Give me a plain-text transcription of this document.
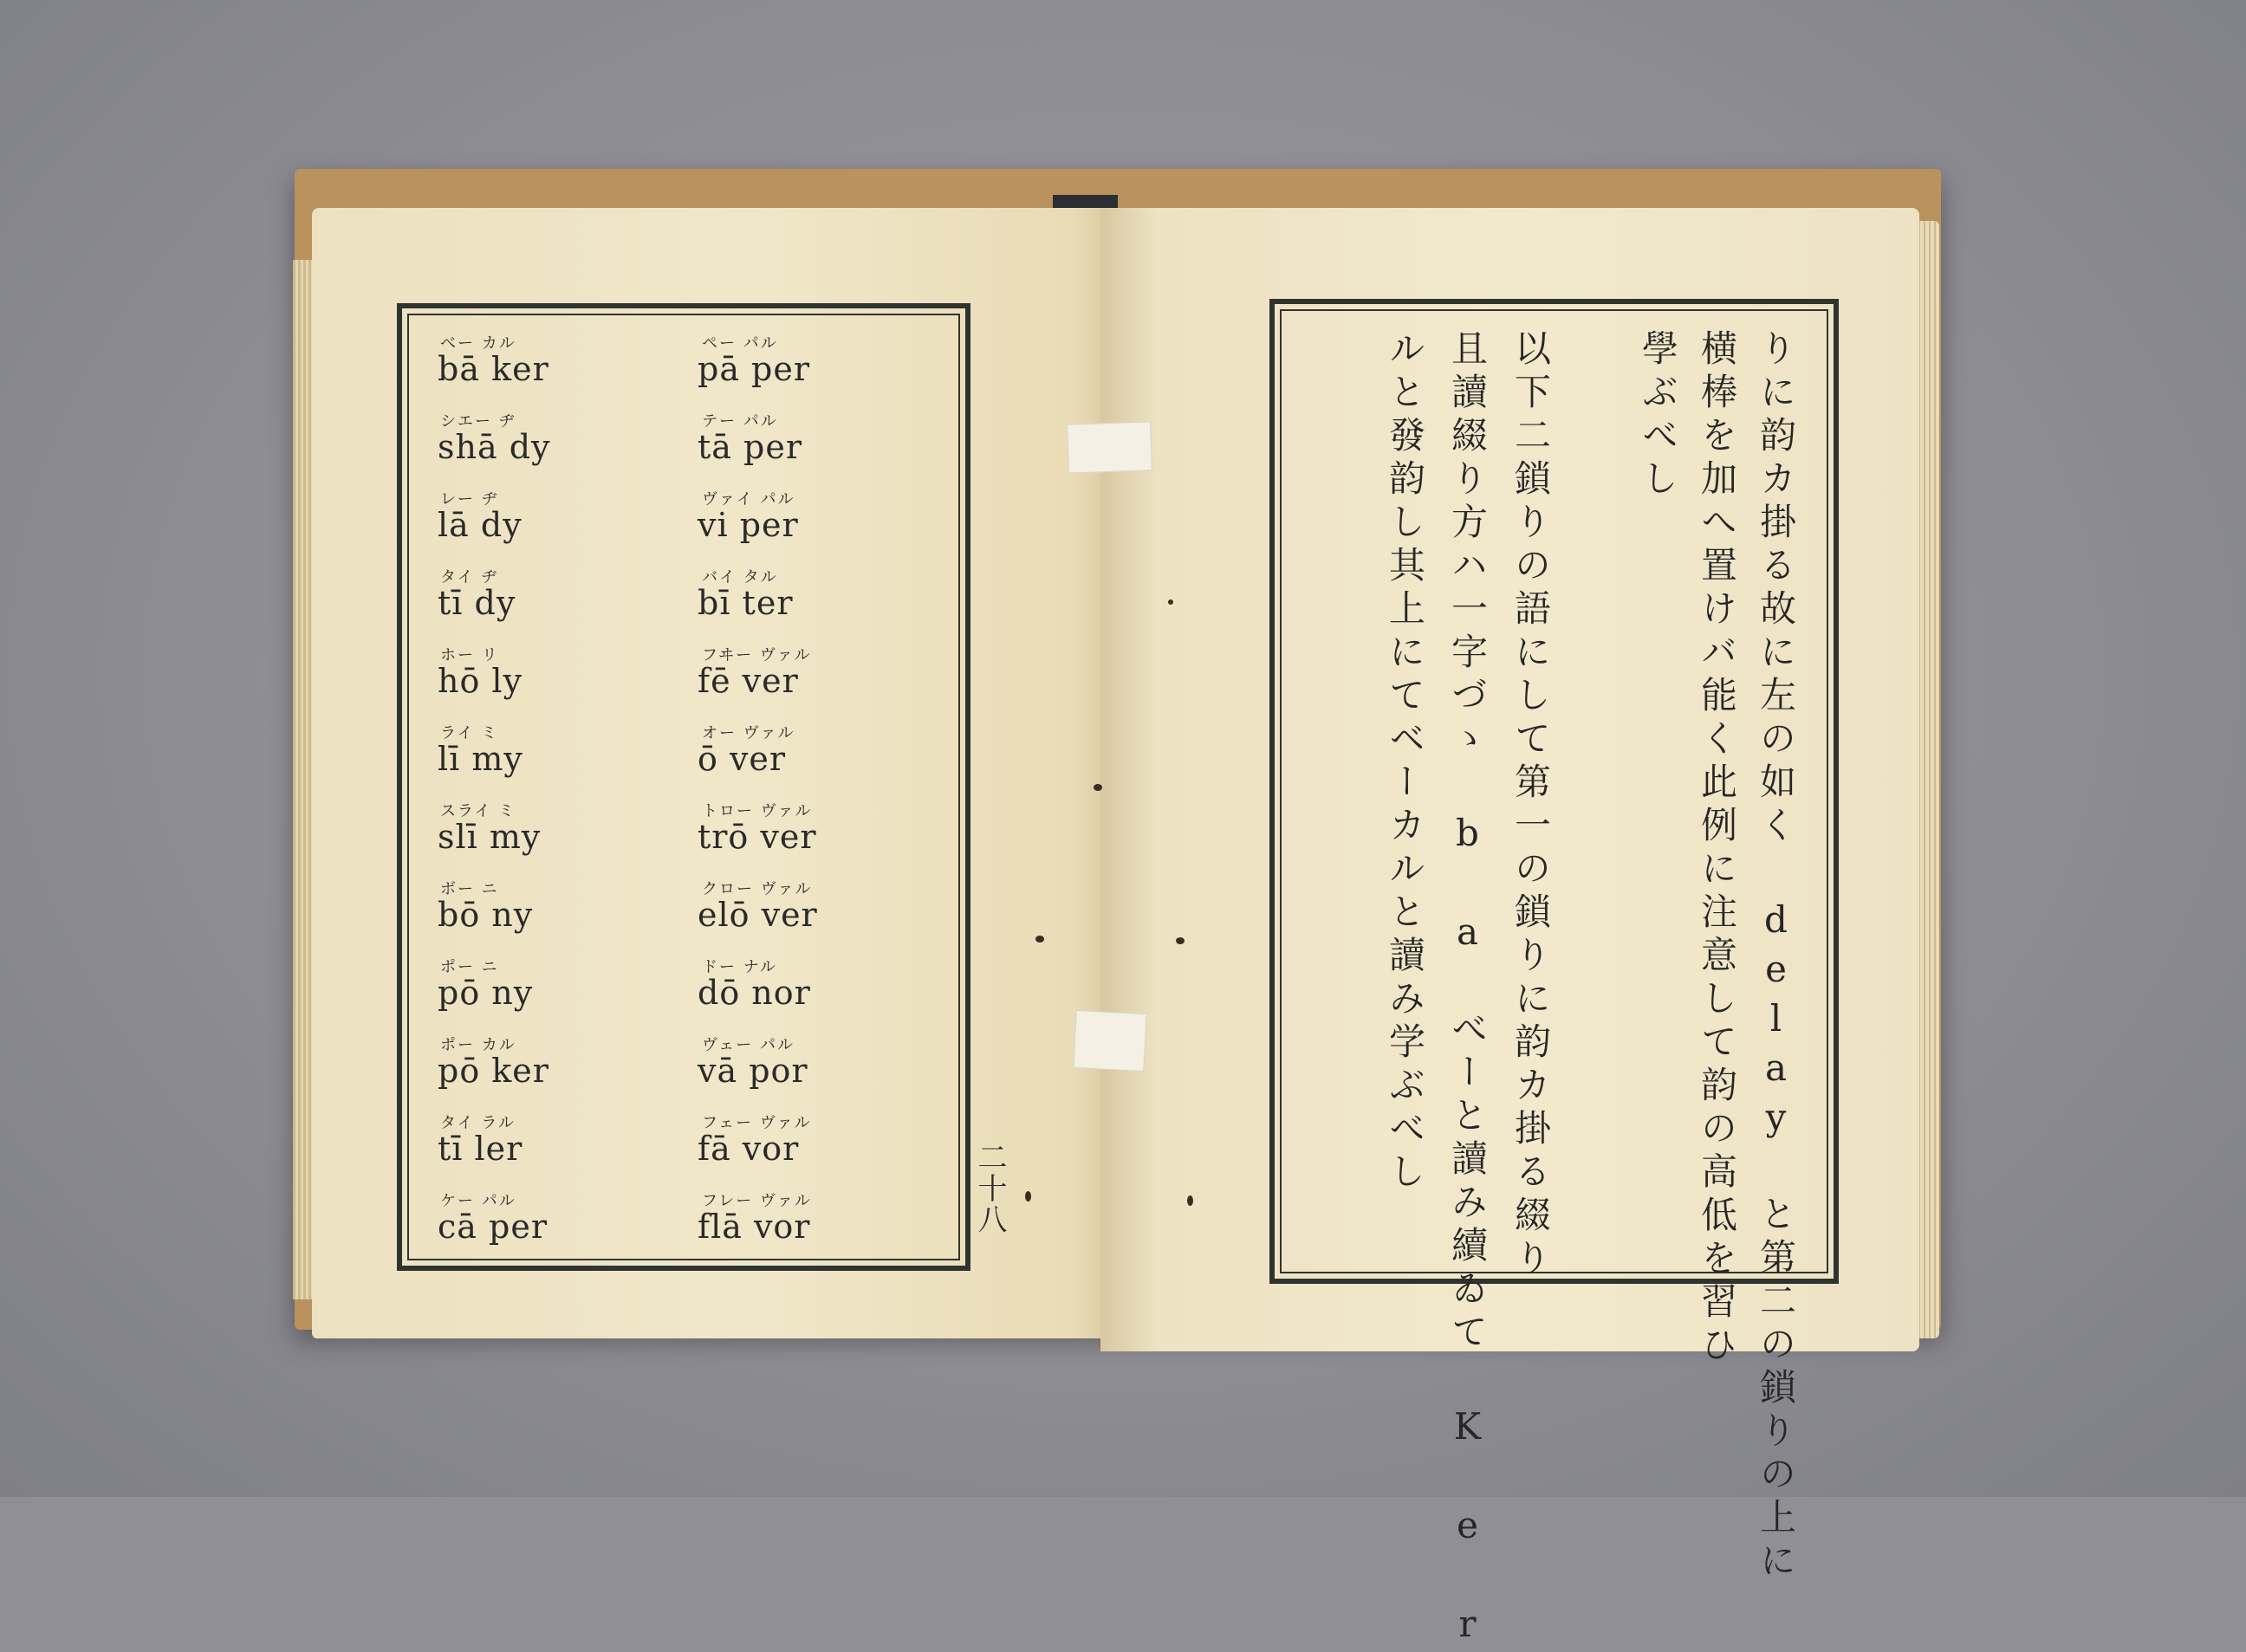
べー カル
bā ker
ペー パル
pā per
シエー ヂ
shā dy
テー パル
tā per
レー ヂ
lā dy
ヴァイ パル
vi per
タイ ヂ
tī dy
バイ タル
bī ter
ホー リ
hō ly
フヰー ヴァル
fē ver
ライ ミ
lī my
オー ヴァル
ō ver
スライ ミ
slī my
トロー ヴァル
trō ver
ボー ニ
bō ny
クロー ヴァル
elō ver
ポー ニ
pō ny
ドー ナル
dō nor
ポー カル
pō ker
ヴェー パル
vā por
タイ ラル
tī ler
フェー ヴァル
fā vor
ケー パル
cā per
フレー ヴァル
flā vor	二十八	りに韵カ掛る故に左の如く delay と第二の鎖りの上に
横棒を加へ置けバ能く此例に注意して韵の高低を習ひ
學ぶべし
以下二鎖りの語にして第一の鎖りに韵カ掛る綴り
且讀綴り方ハ一字づゝ b a べーと讀み續ゐて K e r
ルと發韵し其上にてベーカルと讀み学ぶべし
